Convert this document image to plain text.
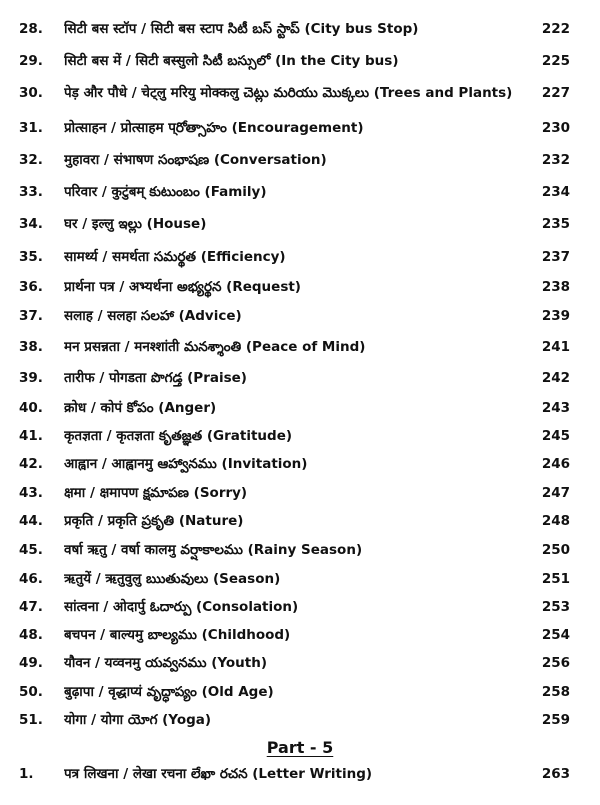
28.	सिटी बस स्टॉप / सिटी बस स्टाप సిటీ బస్ స్టాప్ (City bus Stop)	222
29.	सिटी बस में / सिटी बस्सुलो సిటీ బస్సులో (In the City bus)	225
30.	पेड़ और पौधे / चेट्लु मरियु मोक्कलु చెట్లు మరియు మొక్కలు (Trees and Plants)	227
31.	प्रोत्साहन / प्रोत्साहम प्రోత్సాహం (Encouragement)	230
32.	मुहावरा / संभाषण సంభాషణ (Conversation)	232
33.	परिवार / कुटुंबम् కుటుంబం (Family)	234
34.	घर / इल्लु ఇల్లు (House)	235
35.	सामर्थ्य / समर्थता సమర్థత (Efficiency)	237
36.	प्रार्थना पत्र / अभ्यर्थना అభ్యర్థన (Request)	238
37.	सलाह / सलहा సలహా (Advice)	239
38.	मन प्रसन्नता / मनश्शांती మనశ్శాంతి (Peace of Mind)	241
39.	तारीफ / पोगडता పొగడ్త (Praise)	242
40.	क्रोध / कोपं కోపం (Anger)	243
41.	कृतज्ञता / कृतज्ञता కృతజ్ఞత (Gratitude)	245
42.	आह्वान / आह्वानमु ఆహ్వానము (Invitation)	246
43.	क्षमा / क्षमापण క్షమాపణ (Sorry)	247
44.	प्रकृति / प्रकृति ప్రకృతి (Nature)	248
45.	वर्षा ऋतु / वर्षा कालमु వర్షాకాలము (Rainy Season)	250
46.	ऋतुयें / ऋतुवुलु ఋతువులు (Season)	251
47.	सांत्वना / ओदार्पु ఓదార్పు (Consolation)	253
48.	बचपन / बाल्यमु బాల్యము (Childhood)	254
49.	यौवन / यव्वनमु యవ్వనము (Youth)	256
50.	बुढ़ापा / वृद्धाप्यं వృద్ధాప్యం (Old Age)	258
51.	योगा / योगा యోగ (Yoga)	259
Part - 5
1.	पत्र लिखना / लेखा रचना లేఖా రచన (Letter Writing)	263
